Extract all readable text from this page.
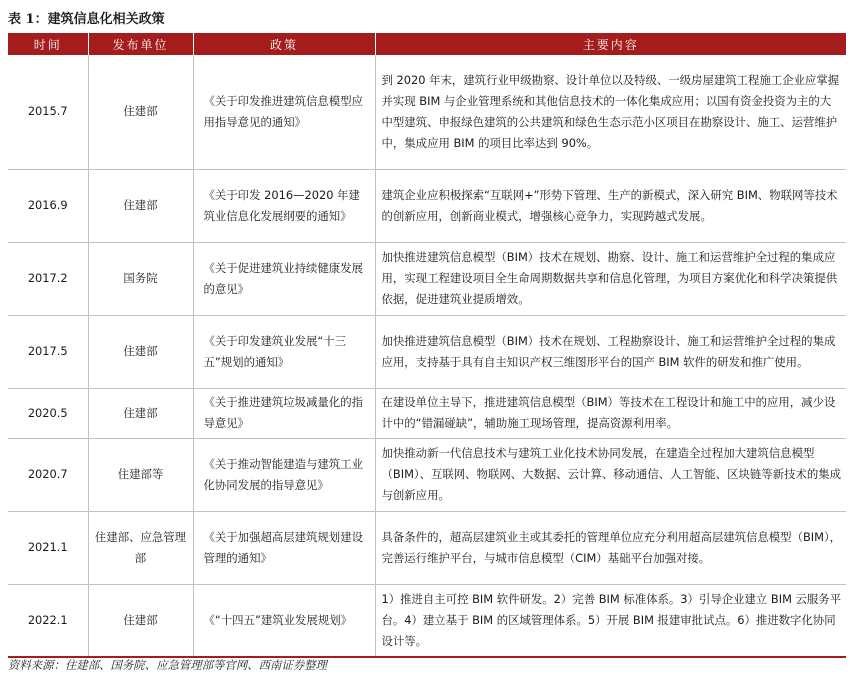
表 1：建筑信息化相关政策
时间	发布单位	政策	主要内容
2015.7	住建部	《关于印发推进建筑信息模型应用指导意见的通知》	到 2020 年末，建筑行业甲级勘察、设计单位以及特级、一级房屋建筑工程施工企业应掌握并实现 BIM 与企业管理系统和其他信息技术的一体化集成应用；以国有资金投资为主的大中型建筑、申报绿色建筑的公共建筑和绿色生态示范小区项目在勘察设计、施工、运营维护中，集成应用 BIM 的项目比率达到 90%。
2016.9	住建部	《关于印发 2016—2020 年建筑业信息化发展纲要的通知》	建筑企业应积极探索“互联网+”形势下管理、生产的新模式，深入研究 BIM、物联网等技术的创新应用，创新商业模式，增强核心竞争力，实现跨越式发展。
2017.2	国务院	《关于促进建筑业持续健康发展的意见》	加快推进建筑信息模型（BIM）技术在规划、勘察、设计、施工和运营维护全过程的集成应用，实现工程建设项目全生命周期数据共享和信息化管理，为项目方案优化和科学决策提供依据，促进建筑业提质增效。
2017.5	住建部	《关于印发建筑业发展“十三五”规划的通知》	加快推进建筑信息模型（BIM）技术在规划、工程勘察设计、施工和运营维护全过程的集成应用，支持基于具有自主知识产权三维图形平台的国产 BIM 软件的研发和推广使用。
2020.5	住建部	《关于推进建筑垃圾减量化的指导意见》	在建设单位主导下，推进建筑信息模型（BIM）等技术在工程设计和施工中的应用，减少设计中的“错漏碰缺”，辅助施工现场管理，提高资源利用率。
2020.7	住建部等	《关于推动智能建造与建筑工业化协同发展的指导意见》	加快推动新一代信息技术与建筑工业化技术协同发展，在建造全过程加大建筑信息模型（BIM）、互联网、物联网、大数据、云计算、移动通信、人工智能、区块链等新技术的集成与创新应用。
2021.1	住建部、应急管理部	《关于加强超高层建筑规划建设管理的通知》	具备条件的，超高层建筑业主或其委托的管理单位应充分利用超高层建筑信息模型（BIM），完善运行维护平台，与城市信息模型（CIM）基础平台加强对接。
2022.1	住建部	《“十四五”建筑业发展规划》	1）推进自主可控 BIM 软件研发。2）完善 BIM 标准体系。3）引导企业建立 BIM 云服务平台。4）建立基于 BIM 的区域管理体系。5）开展 BIM 报建审批试点。6）推进数字化协同设计等。
资料来源：住建部、国务院、应急管理部等官网、西南证券整理
